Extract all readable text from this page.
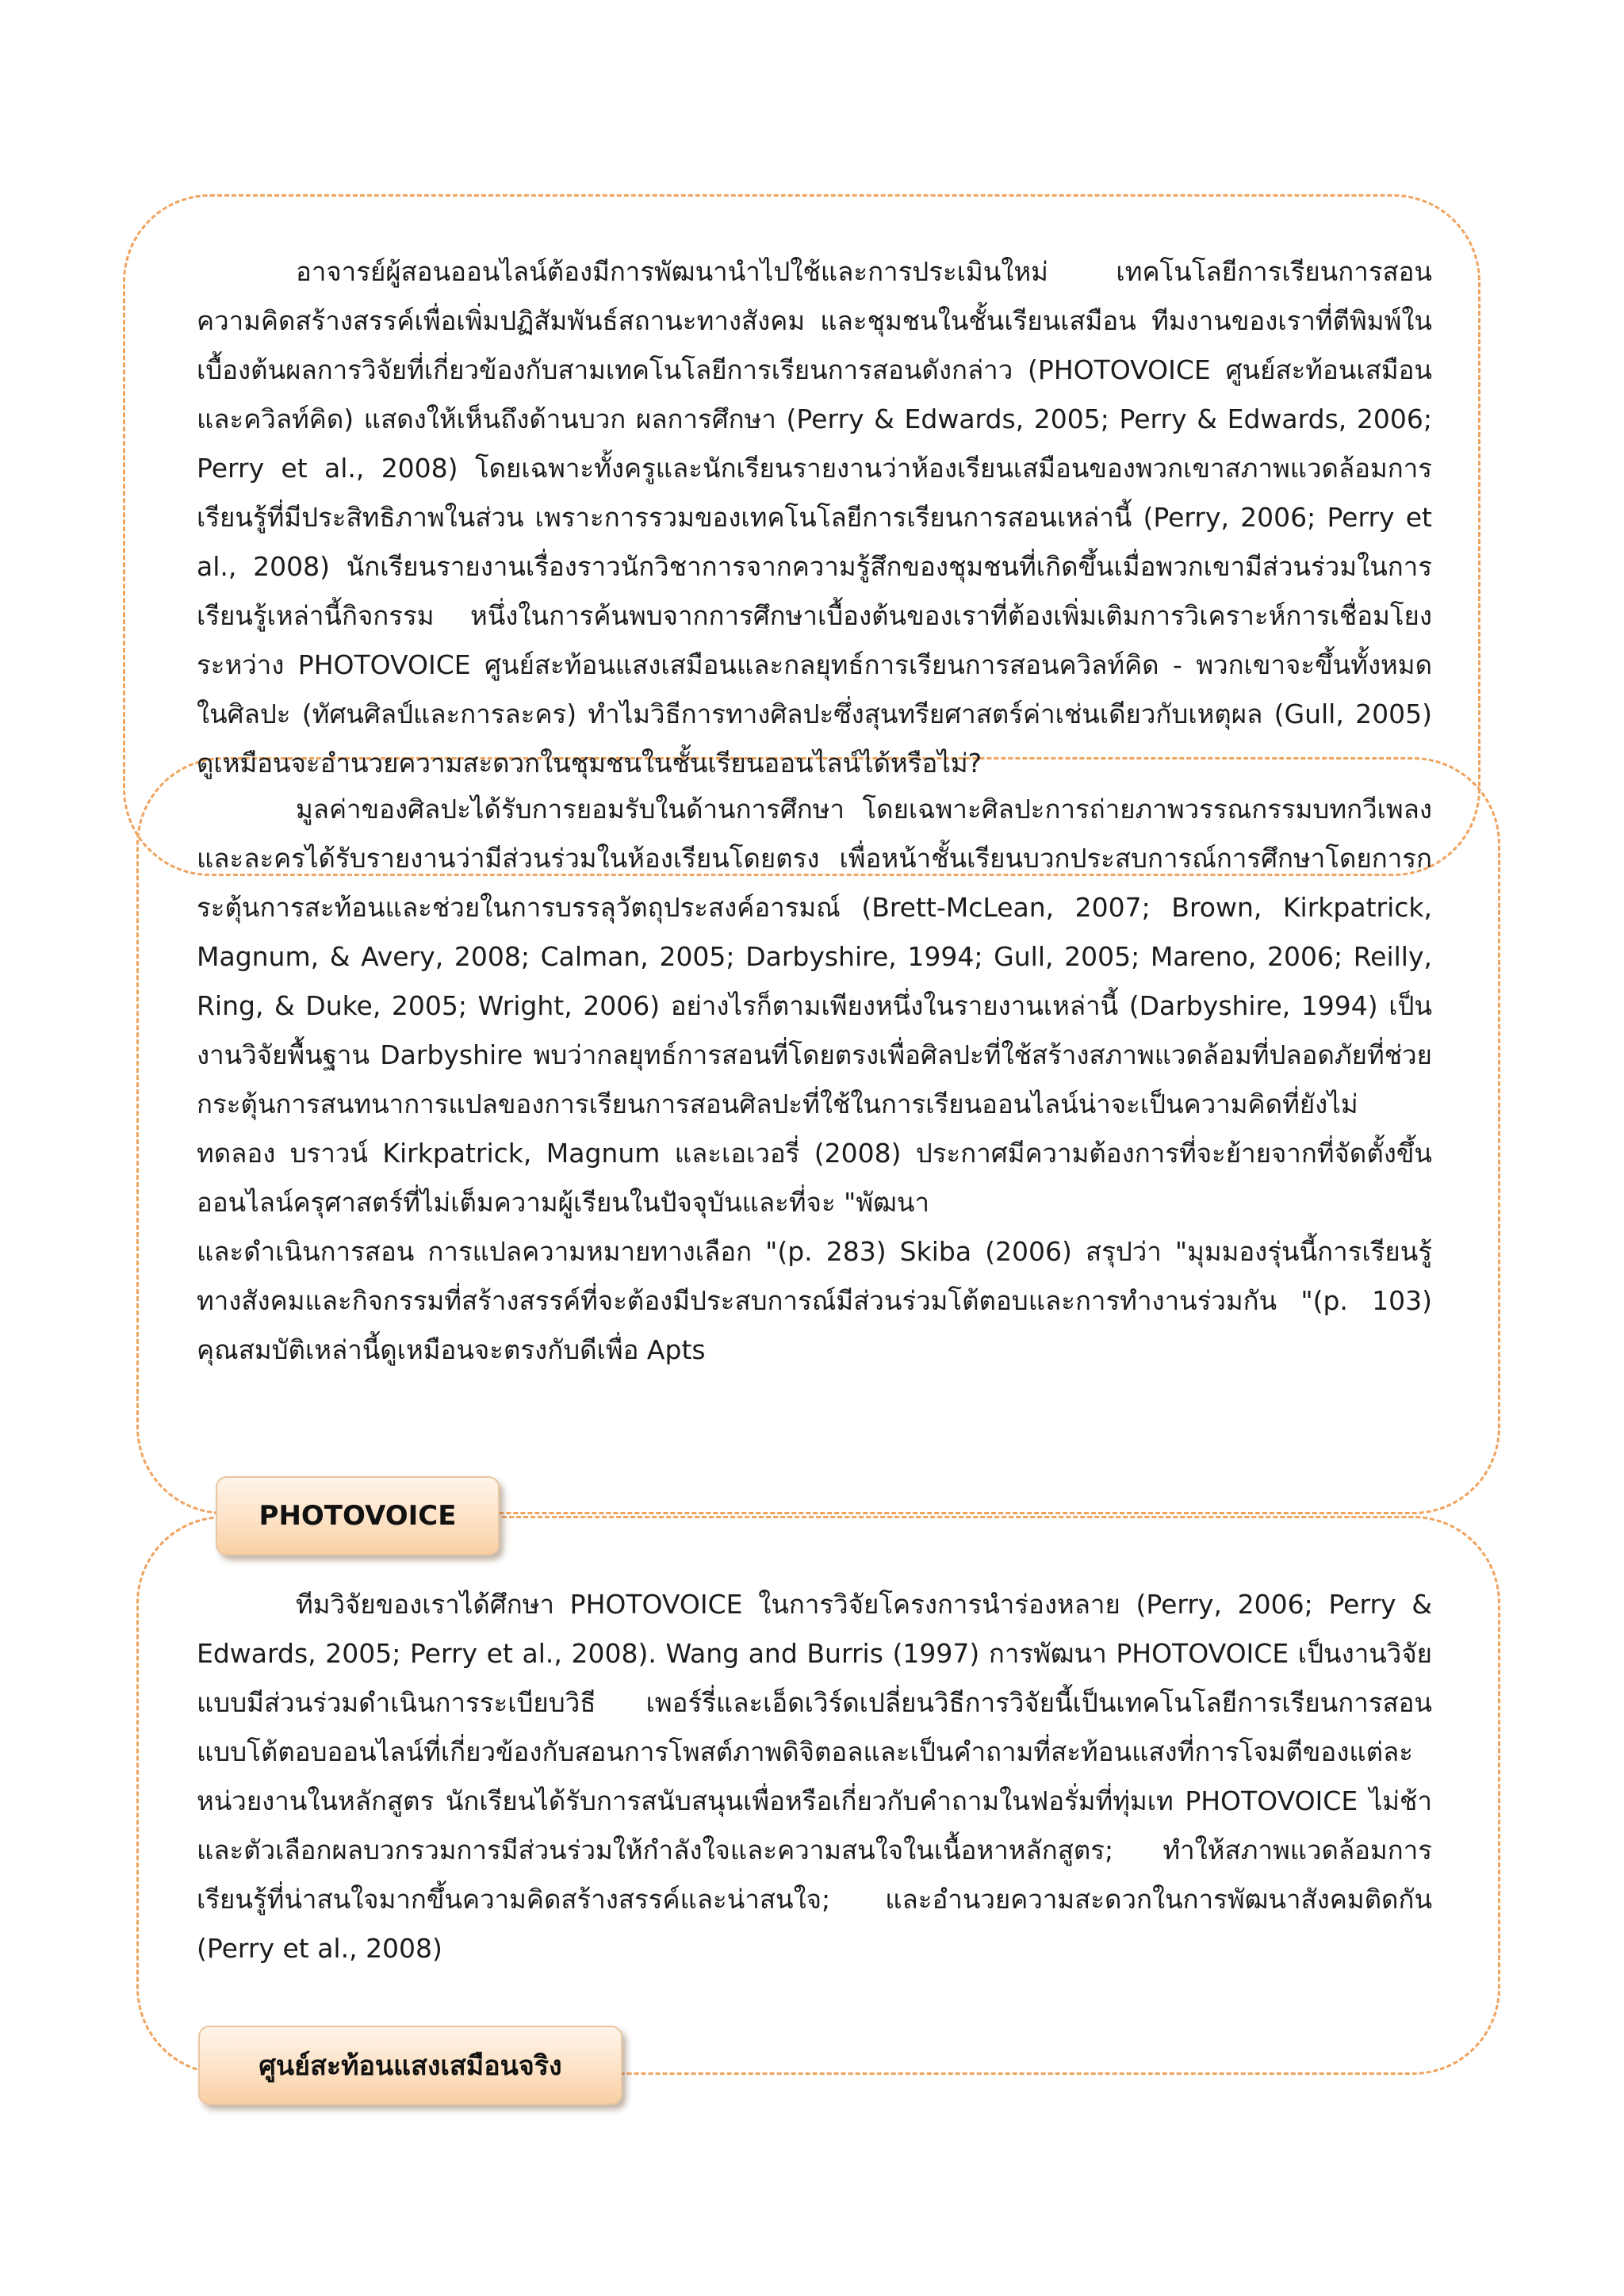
อาจารย์ผู้สอนออนไลน์ต้องมีการพัฒนานำไปใช้และการประเมินใหม่ เทคโนโลยีการเรียนการสอนความคิดสร้างสรรค์เพื่อเพิ่มปฏิสัมพันธ์สถานะทางสังคม และชุมชนในชั้นเรียนเสมือน ทีมงานของเราที่ตีพิมพ์ในเบื้องต้นผลการวิจัยที่เกี่ยวข้องกับสามเทคโนโลยีการเรียนการสอนดังกล่าว (PHOTOVOICE ศูนย์สะท้อนเสมือนและควิลท์คิด) แสดงให้เห็นถึงด้านบวก ผลการศึกษา (Perry & Edwards, 2005; Perry & Edwards, 2006; Perry et al., 2008) โดยเฉพาะทั้งครูและนักเรียนรายงานว่าห้องเรียนเสมือนของพวกเขาสภาพแวดล้อมการเรียนรู้ที่มีประสิทธิภาพในส่วน เพราะการรวมของเทคโนโลยีการเรียนการสอนเหล่านี้ (Perry, 2006; Perry et al., 2008) นักเรียนรายงานเรื่องราวนักวิชาการจากความรู้สึกของชุมชนที่เกิดขึ้นเมื่อพวกเขามีส่วนร่วมในการเรียนรู้เหล่านี้กิจกรรม หนึ่งในการค้นพบจากการศึกษาเบื้องต้นของเราที่ต้องเพิ่มเติมการวิเคราะห์การเชื่อมโยงระหว่าง PHOTOVOICE ศูนย์สะท้อนแสงเสมือนและกลยุทธ์การเรียนการสอนควิลท์คิด - พวกเขาจะขึ้นทั้งหมดในศิลปะ (ทัศนศิลป์และการละคร) ทำไมวิธีการทางศิลปะซึ่งสุนทรียศาสตร์ค่าเช่นเดียวกับเหตุผล (Gull, 2005) ดูเหมือนจะอำนวยความสะดวกในชุมชนในชั้นเรียนออนไลน์ได้หรือไม่?

มูลค่าของศิลปะได้รับการยอมรับในด้านการศึกษา โดยเฉพาะศิลปะการถ่ายภาพวรรณกรรมบทกวีเพลงและละครได้รับรายงานว่ามีส่วนร่วมในห้องเรียนโดยตรง เพื่อหน้าชั้นเรียนบวกประสบการณ์การศึกษาโดยการกระตุ้นการสะท้อนและช่วยในการบรรลุวัตถุประสงค์อารมณ์ (Brett-McLean, 2007; Brown, Kirkpatrick, Magnum, & Avery, 2008; Calman, 2005; Darbyshire, 1994; Gull, 2005; Mareno, 2006; Reilly, Ring, & Duke, 2005; Wright, 2006) อย่างไรก็ตามเพียงหนึ่งในรายงานเหล่านี้ (Darbyshire, 1994) เป็นงานวิจัยพื้นฐาน Darbyshire พบว่ากลยุทธ์การสอนที่โดยตรงเพื่อศิลปะที่ใช้สร้างสภาพแวดล้อมที่ปลอดภัยที่ช่วยกระตุ้นการสนทนาการแปลของการเรียนการสอนศิลปะที่ใช้ในการเรียนออนไลน์น่าจะเป็นความคิดที่ยังไม่ทดลอง บราวน์ Kirkpatrick, Magnum และเอเวอรี่ (2008) ประกาศมีความต้องการที่จะย้ายจากที่จัดตั้งขึ้นออนไลน์ครุศาสตร์ที่ไม่เต็มความผู้เรียนในปัจจุบันและที่จะ "พัฒนา

และดำเนินการสอน การแปลความหมายทางเลือก "(p. 283) Skiba (2006) สรุปว่า "มุมมองรุ่นนี้การเรียนรู้ทางสังคมและกิจกรรมที่สร้างสรรค์ที่จะต้องมีประสบการณ์มีส่วนร่วมโต้ตอบและการทำงานร่วมกัน "(p. 103) คุณสมบัติเหล่านี้ดูเหมือนจะตรงกับดีเพื่อ Apts

PHOTOVOICE

ทีมวิจัยของเราได้ศึกษา PHOTOVOICE ในการวิจัยโครงการนำร่องหลาย (Perry, 2006; Perry & Edwards, 2005; Perry et al., 2008). Wang and Burris (1997) การพัฒนา PHOTOVOICE เป็นงานวิจัยแบบมีส่วนร่วมดำเนินการระเบียบวิธี เพอร์รี่และเอ็ดเวิร์ดเปลี่ยนวิธีการวิจัยนี้เป็นเทคโนโลยีการเรียนการสอนแบบโต้ตอบออนไลน์ที่เกี่ยวข้องกับสอนการโพสต์ภาพดิจิตอลและเป็นคำถามที่สะท้อนแสงที่การโจมตีของแต่ละหน่วยงานในหลักสูตร นักเรียนได้รับการสนับสนุนเพื่อหรือเกี่ยวกับคำถามในฟอรั่มที่ทุ่มเท PHOTOVOICE ไม่ช้าและตัวเลือกผลบวกรวมการมีส่วนร่วมให้กำลังใจและความสนใจในเนื้อหาหลักสูตร; ทำให้สภาพแวดล้อมการเรียนรู้ที่น่าสนใจมากขึ้นความคิดสร้างสรรค์และน่าสนใจ; และอำนวยความสะดวกในการพัฒนาสังคมติดกัน (Perry et al., 2008)

ศูนย์สะท้อนแสงเสมือนจริง
